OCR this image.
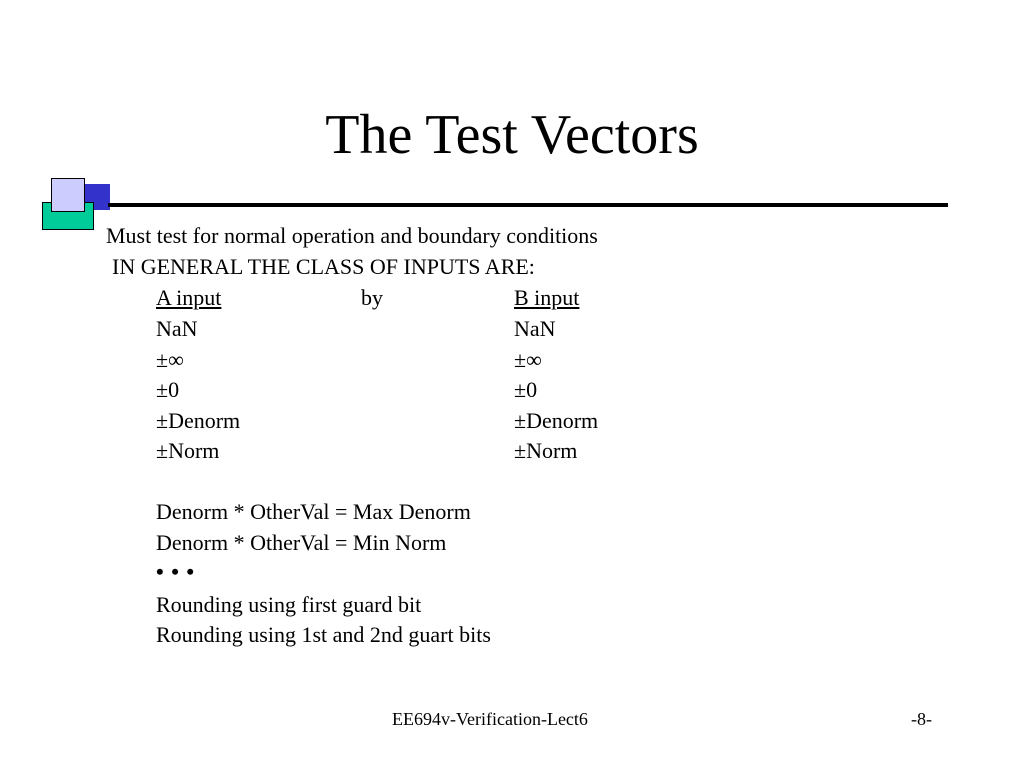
The Test Vectors
Must test for normal operation and boundary conditions
IN GENERAL THE CLASS OF INPUTS ARE:
A input	by	B input
NaN	NaN
±∞	±∞
±0	±0
±Denorm	±Denorm
±Norm	±Norm
Denorm * OtherVal = Max Denorm
Denorm * OtherVal = Min Norm
• • •
Rounding using first guard bit
Rounding using 1st and 2nd guart bits
EE694v-Verification-Lect6	-8-
